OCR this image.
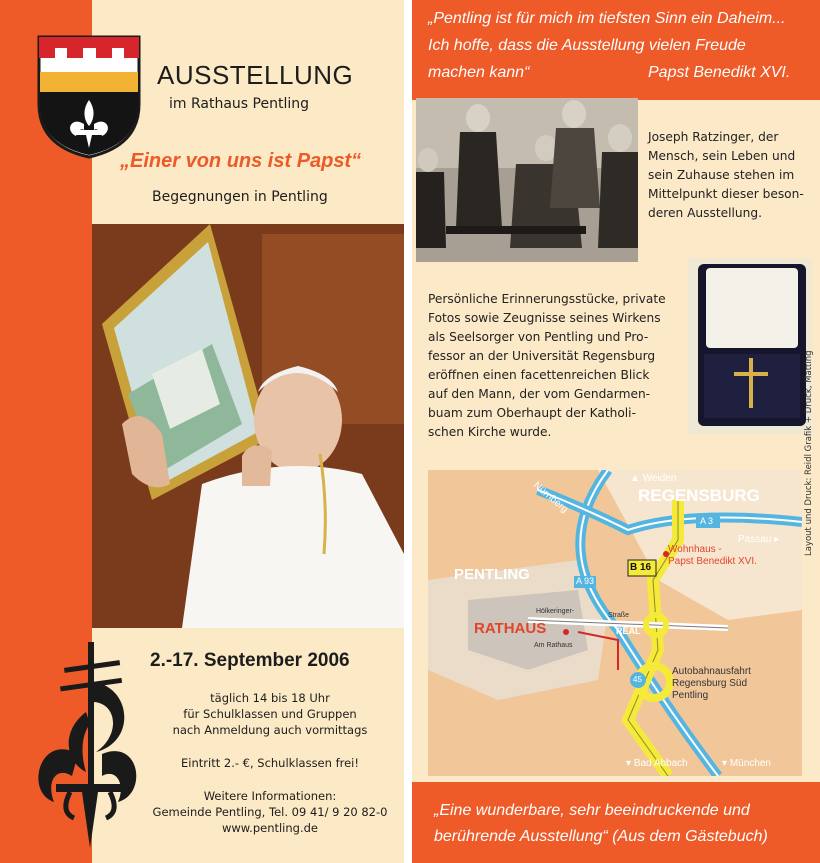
AUSSTELLUNG
im Rathaus Pentling
„Einer von uns ist Papst“
Begegnungen in Pentling
2.-17. September 2006
täglich 14 bis 18 Uhr
für Schulklassen und Gruppen
nach Anmeldung auch vormittags
Eintritt 2.- €, Schulklassen frei!
Weitere Informationen:
Gemeinde Pentling, Tel. 09 41/ 9 20 82-0
www.pentling.de
„Pentling ist für mich im tiefsten Sinn ein Daheim...
Ich hoffe, dass die Ausstellung vielen Freude
machen kann“	Papst Benedikt XVI.
Joseph Ratzinger, der
Mensch, sein Leben und
sein Zuhause stehen im
Mittelpunkt dieser beson-
deren Ausstellung.
Persönliche Erinnerungsstücke, private
Fotos sowie Zeugnisse seines Wirkens
als Seelsorger von Pentling und Pro-
fessor an der Universität Regensburg
eröffnen einen facettenreichen Blick
auf den Mann, der vom Gendarmen-
buam zum Oberhaupt der Katholi-
schen Kirche wurde.
▲ Weiden
Nürnberg	REGENSBURG
A 3
Passau ▸
PENTLING	A 93
B 16
Wohnhaus -
Papst Benedikt XVI.
Hölkeringer-
Straße
RATHAUS	REAL
Am Rathaus
45
Autobahnausfahrt
Regensburg Süd
Pentling
▾ Bad Abbach	▾ München
Layout und Druck: Reidl Grafik + Druck, Matting
„Eine wunderbare, sehr beeindruckende und
berührende Ausstellung“ (Aus dem Gästebuch)
